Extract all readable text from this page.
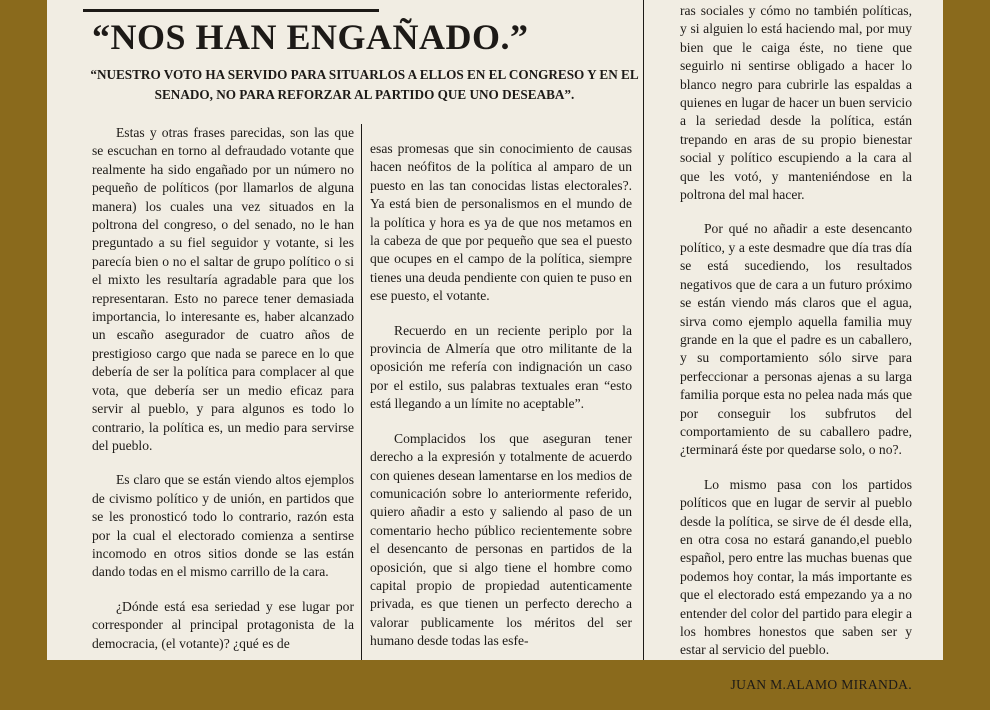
“NOS HAN ENGAÑADO.”

“NUESTRO VOTO HA SERVIDO PARA SITUARLOS A ELLOS EN EL CONGRESO Y EN EL SENADO, NO PARA REFORZAR AL PARTIDO QUE UNO DESEABA”.

Estas y otras frases parecidas, son las que se escuchan en torno al defraudado votante que realmente ha sido engañado por un número no pequeño de políticos (por llamarlos de alguna manera) los cuales una vez situados en la poltrona del congreso, o del senado, no le han preguntado a su fiel seguidor y votante, si les parecía bien o no el saltar de grupo político o si el mixto les resultaría agradable para que los representaran. Esto no parece tener demasiada importancia, lo interesante es, haber alcanzado un escaño asegurador de cuatro años de prestigioso cargo que nada se parece en lo que debería de ser la política para complacer al que vota, que debería ser un medio eficaz para servir al pueblo, y para algunos es todo lo contrario, la política es, un medio para servirse del pueblo.

Es claro que se están viendo altos ejemplos de civismo político y de unión, en partidos que se les pronosticó todo lo contrario, razón esta por la cual el electorado comienza a sentirse incomodo en otros sitios donde se las están dando todas en el mismo carrillo de la cara.

¿Dónde está esa seriedad y ese lugar por corresponder al principal protagonista de la democracia, (el votante)? ¿qué es de

esas promesas que sin conocimiento de causas hacen neófitos de la política al amparo de un puesto en las tan conocidas listas electorales?. Ya está bien de personalismos en el mundo de la política y hora es ya de que nos metamos en la cabeza de que por pequeño que sea el puesto que ocupes en el campo de la política, siempre tienes una deuda pendiente con quien te puso en ese puesto, el votante.

Recuerdo en un reciente periplo por la provincia de Almería que otro militante de la oposición me refería con indignación un caso por el estilo, sus palabras textuales eran “esto está llegando a un límite no aceptable”.

Complacidos los que aseguran tener derecho a la expresión y totalmente de acuerdo con quienes desean lamentarse en los medios de comunicación sobre lo anteriormente referido, quiero añadir a esto y saliendo al paso de un comentario hecho público recientemente sobre el desencanto de personas en partidos de la oposición, que si algo tiene el hombre como capital propio de propiedad autenticamente privada, es que tienen un perfecto derecho a valorar publicamente los méritos del ser humano desde todas las esfe-

ras sociales y cómo no también políticas, y si alguien lo está haciendo mal, por muy bien que le caiga éste, no tiene que seguirlo ni sentirse obligado a hacer lo blanco negro para cubrirle las espaldas a quienes en lugar de hacer un buen servicio a la seriedad desde la política, están trepando en aras de su propio bienestar social y político escupiendo a la cara al que les votó, y manteniéndose en la poltrona del mal hacer.

Por qué no añadir a este desencanto político, y a este desmadre que día tras día se está sucediendo, los resultados negativos que de cara a un futuro próximo se están viendo más claros que el agua, sirva como ejemplo aquella familia muy grande en la que el padre es un caballero, y su comportamiento sólo sirve para perfeccionar a personas ajenas a su larga familia porque esta no pelea nada más que por conseguir los subfrutos del comportamiento de su caballero padre, ¿terminará éste por quedarse solo, o no?.

Lo mismo pasa con los partidos políticos que en lugar de servir al pueblo desde la política, se sirve de él desde ella, en otra cosa no estará ganando,el pueblo español, pero entre las muchas buenas que podemos hoy contar, la más importante es que el electorado está empezando ya a no entender del color del partido para elegir a los hombres honestos que saben ser y estar al servicio del pueblo.

JUAN M.ALAMO MIRANDA.
